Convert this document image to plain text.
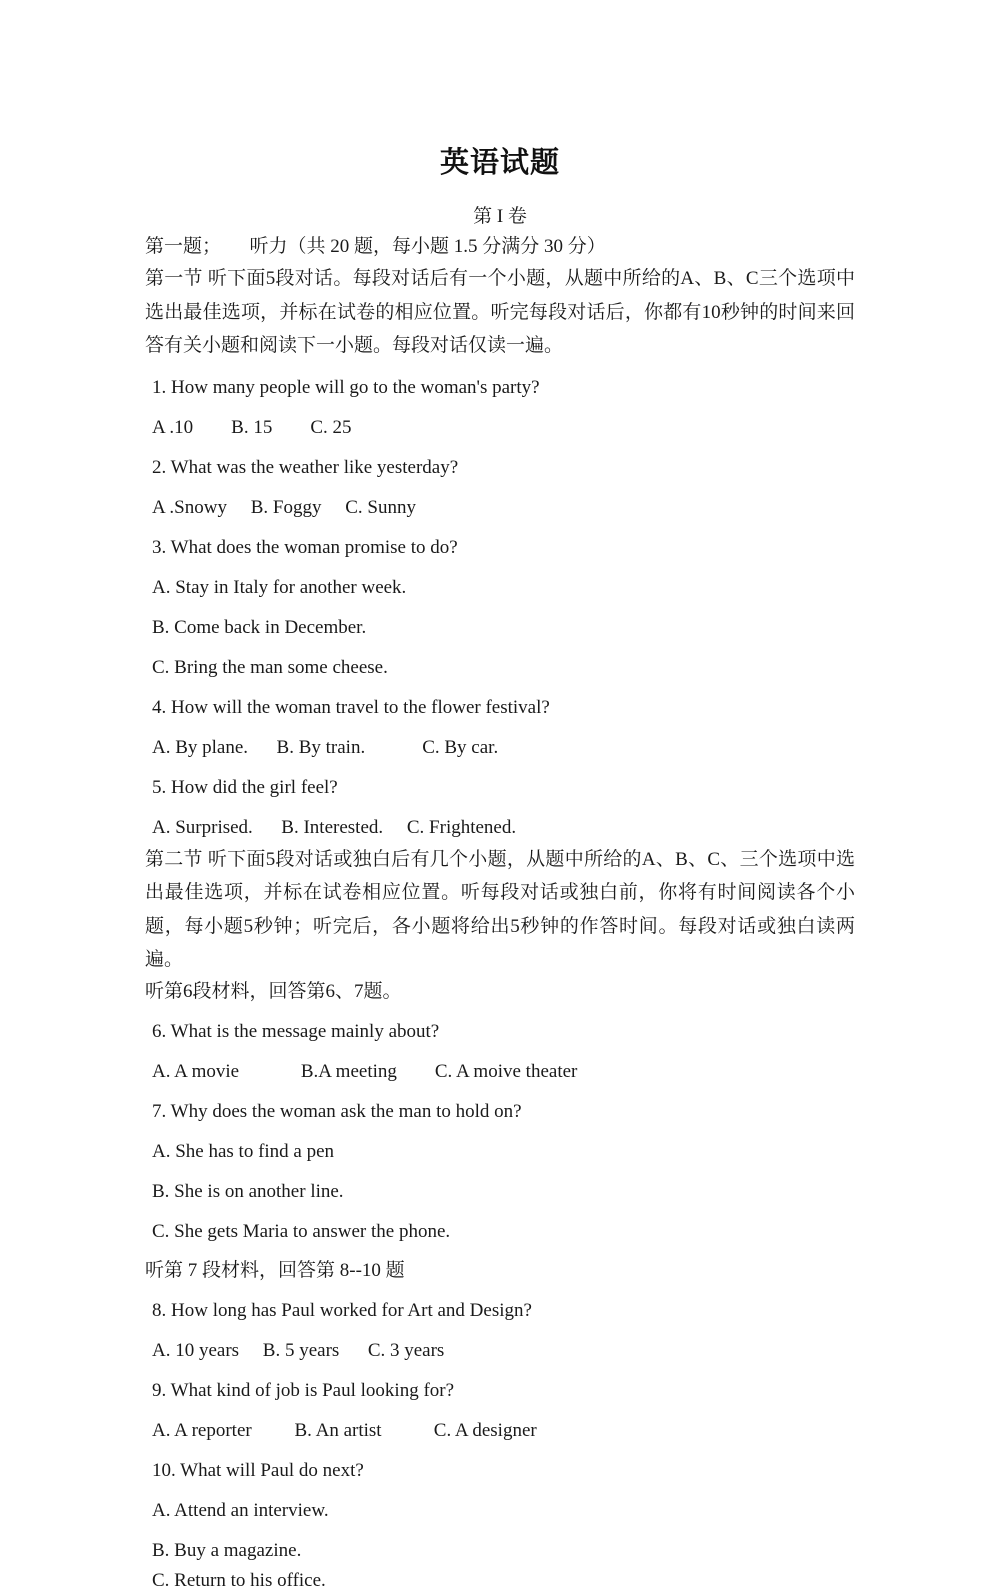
英语试题
第 I 卷
第一题；      听力（共 20 题，每小题 1.5 分满分 30 分）
第一节 听下面5段对话。每段对话后有一个小题，从题中所给的A、B、C三个选项中选出最佳选项，并标在试卷的相应位置。听完每段对话后，你都有10秒钟的时间来回答有关小题和阅读下一小题。每段对话仅读一遍。
1. How many people will go to the woman's party?
A .10        B. 15        C. 25
2. What was the weather like yesterday?
A .Snowy     B. Foggy     C. Sunny
3. What does the woman promise to do?
A. Stay in Italy for another week.
B. Come back in December.
C. Bring the man some cheese.
4. How will the woman travel to the flower festival?
A. By plane.      B. By train.            C. By car.
5. How did the girl feel?
A. Surprised.      B. Interested.     C. Frightened.
第二节 听下面5段对话或独白后有几个小题，从题中所给的A、B、C、三个选项中选出最佳选项，并标在试卷相应位置。听每段对话或独白前，你将有时间阅读各个小题，每小题5秒钟；听完后，各小题将给出5秒钟的作答时间。每段对话或独白读两遍。
听第6段材料，回答第6、7题。
6. What is the message mainly about?
A. A movie             B.A meeting        C. A moive theater
7. Why does the woman ask the man to hold on?
A. She has to find a pen
B. She is on another line.
C. She gets Maria to answer the phone.
听第 7 段材料，回答第 8--10 题
8. How long has Paul worked for Art and Design?
A. 10 years     B. 5 years      C. 3 years
9. What kind of job is Paul looking for?
A. A reporter         B. An artist           C. A designer
10. What will Paul do next?
A. Attend an interview.
B. Buy a magazine.
C. Return to his office.
